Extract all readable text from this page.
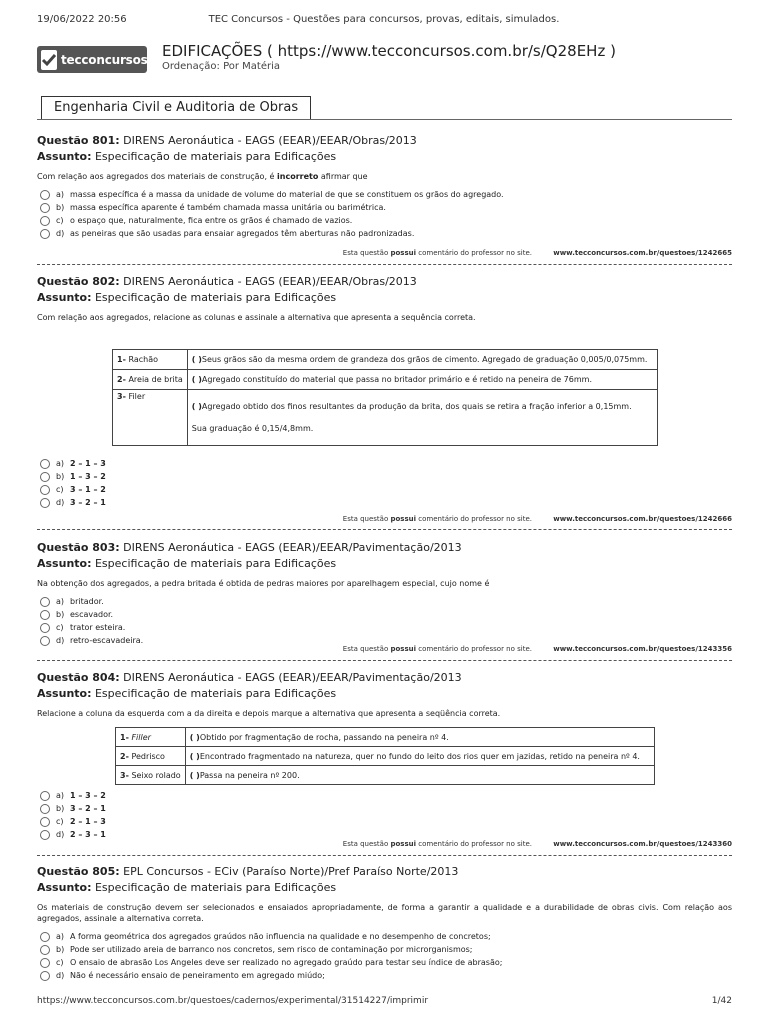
19/06/2022 20:56	TEC Concursos - Questões para concursos, provas, editais, simulados.
tecconcursos EDIFICAÇÕES ( https://www.tecconcursos.com.br/s/Q28EHz )
Ordenação: Por Matéria
Engenharia Civil e Auditoria de Obras
Questão 801: DIRENS Aeronáutica - EAGS (EEAR)/EEAR/Obras/2013
Assunto: Especificação de materiais para Edificações
Com relação aos agregados dos materiais de construção, é incorreto afirmar que
a) massa específica é a massa da unidade de volume do material de que se constituem os grãos do agregado.
b) massa específica aparente é também chamada massa unitária ou barimétrica.
c) o espaço que, naturalmente, fica entre os grãos é chamado de vazios.
d) as peneiras que são usadas para ensaiar agregados têm aberturas não padronizadas.
Esta questão possui comentário do professor no site.	www.tecconcursos.com.br/questoes/1242665
Questão 802: DIRENS Aeronáutica - EAGS (EEAR)/EEAR/Obras/2013
Assunto: Especificação de materiais para Edificações
Com relação aos agregados, relacione as colunas e assinale a alternativa que apresenta a sequência correta.
1- Rachão	( )Seus grãos são da mesma ordem de grandeza dos grãos de cimento. Agregado de graduação 0,005/0,075mm.
2- Areia de brita	( )Agregado constituído do material que passa no britador primário e é retido na peneira de 76mm.
3- Filer	( )Agregado obtido dos finos resultantes da produção da brita, dos quais se retira a fração inferior a 0,15mm.
Sua graduação é 0,15/4,8mm.
a) 2 – 1 – 3
b) 1 – 3 – 2
c) 3 – 1 – 2
d) 3 – 2 – 1
Esta questão possui comentário do professor no site.	www.tecconcursos.com.br/questoes/1242666
Questão 803: DIRENS Aeronáutica - EAGS (EEAR)/EEAR/Pavimentação/2013
Assunto: Especificação de materiais para Edificações
Na obtenção dos agregados, a pedra britada é obtida de pedras maiores por aparelhagem especial, cujo nome é
a) britador.
b) escavador.
c) trator esteira.
d) retro-escavadeira.
Esta questão possui comentário do professor no site.	www.tecconcursos.com.br/questoes/1243356
Questão 804: DIRENS Aeronáutica - EAGS (EEAR)/EEAR/Pavimentação/2013
Assunto: Especificação de materiais para Edificações
Relacione a coluna da esquerda com a da direita e depois marque a alternativa que apresenta a seqüência correta.
1- Filler	( )Obtido por fragmentação de rocha, passando na peneira nº 4.
2- Pedrisco	( )Encontrado fragmentado na natureza, quer no fundo do leito dos rios quer em jazidas, retido na peneira nº 4.
3- Seixo rolado	( )Passa na peneira nº 200.
a) 1 – 3 – 2
b) 3 – 2 – 1
c) 2 – 1 – 3
d) 2 – 3 – 1
Esta questão possui comentário do professor no site.	www.tecconcursos.com.br/questoes/1243360
Questão 805: EPL Concursos - ECiv (Paraíso Norte)/Pref Paraíso Norte/2013
Assunto: Especificação de materiais para Edificações
Os materiais de construção devem ser selecionados e ensaiados apropriadamente, de forma a garantir a qualidade e a durabilidade de obras civis. Com relação aos agregados, assinale a alternativa correta.
a) A forma geométrica dos agregados graúdos não influencia na qualidade e no desempenho de concretos;
b) Pode ser utilizado areia de barranco nos concretos, sem risco de contaminação por microrganismos;
c) O ensaio de abrasão Los Angeles deve ser realizado no agregado graúdo para testar seu índice de abrasão;
d) Não é necessário ensaio de peneiramento em agregado miúdo;
https://www.tecconcursos.com.br/questoes/cadernos/experimental/31514227/imprimir	1/42
